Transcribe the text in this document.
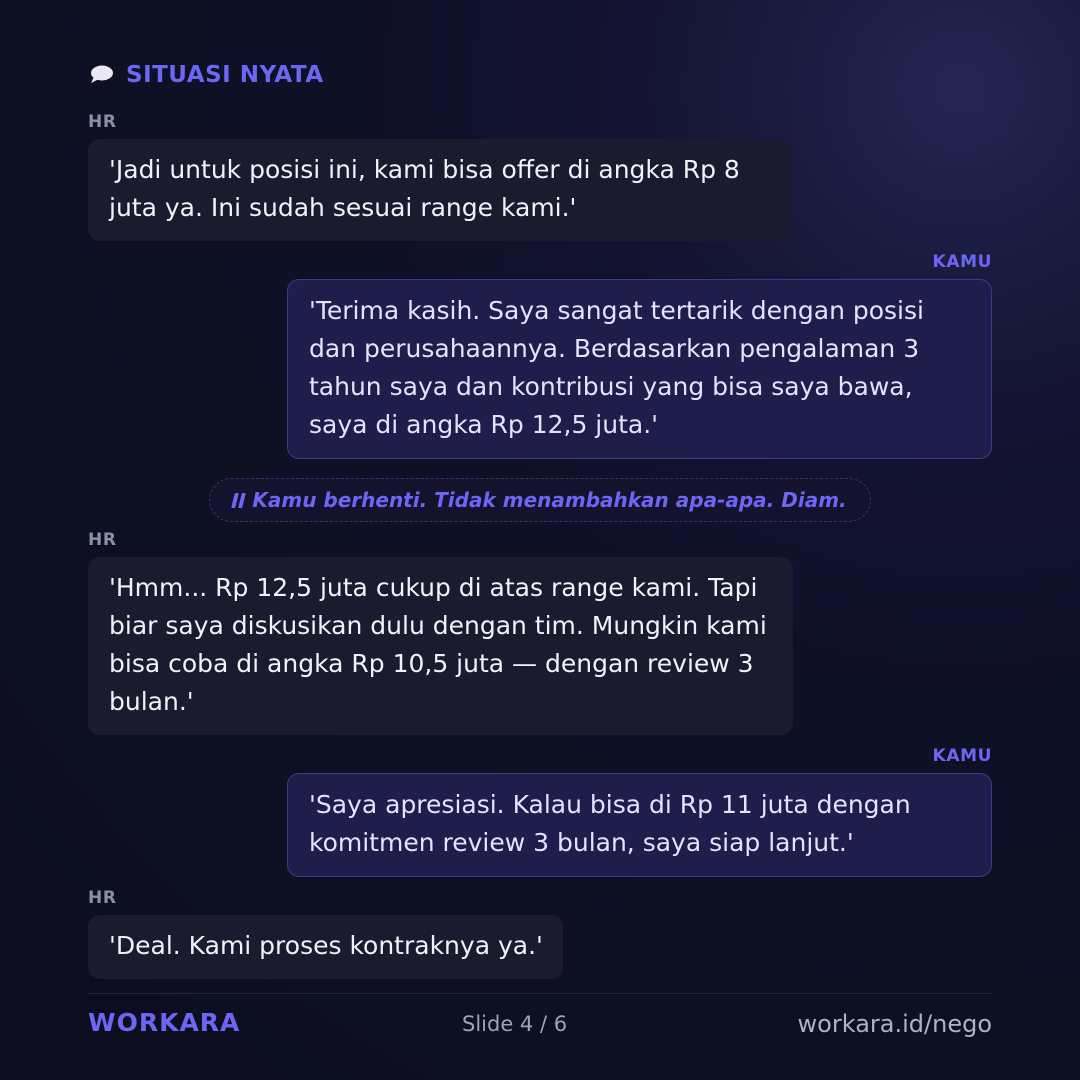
SITUASI NYATA
HR
'Jadi untuk posisi ini, kami bisa offer di angka Rp 8 juta ya. Ini sudah sesuai range kami.'
KAMU
'Terima kasih. Saya sangat tertarik dengan posisi dan perusahaannya. Berdasarkan pengalaman 3 tahun saya dan kontribusi yang bisa saya bawa, saya di angka Rp 12,5 juta.'
Kamu berhenti. Tidak menambahkan apa-apa. Diam.
HR
'Hmm... Rp 12,5 juta cukup di atas range kami. Tapi biar saya diskusikan dulu dengan tim. Mungkin kami bisa coba di angka Rp 10,5 juta — dengan review 3 bulan.'
KAMU
'Saya apresiasi. Kalau bisa di Rp 11 juta dengan komitmen review 3 bulan, saya siap lanjut.'
HR
'Deal. Kami proses kontraknya ya.'
WORKARA	Slide 4 / 6	workara.id/nego
